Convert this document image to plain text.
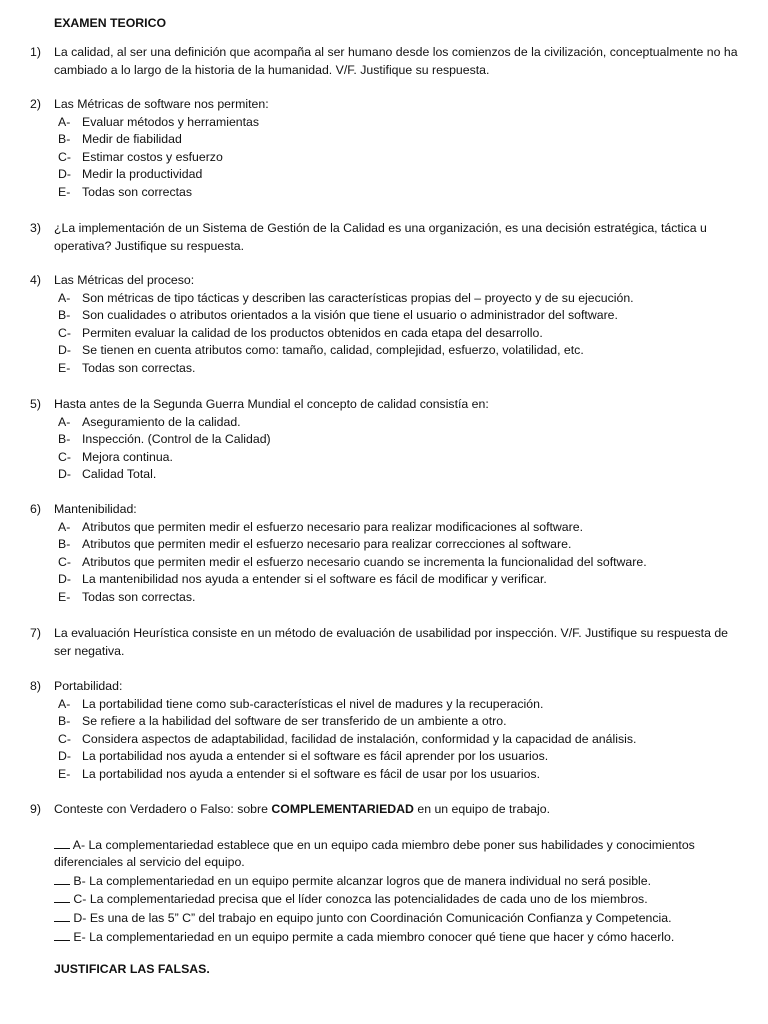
EXAMEN TEORICO
1)	La calidad, al ser una definición que acompaña al ser humano desde los comienzos de la civilización, conceptualmente no ha cambiado a lo largo de la historia de la humanidad. V/F. Justifique su respuesta.
2)	Las Métricas de software nos permiten:
A- Evaluar métodos y herramientas
B- Medir de fiabilidad
C- Estimar costos y esfuerzo
D- Medir la productividad
E- Todas son correctas
3)	¿La implementación de un Sistema de Gestión de la Calidad es una organización, es una decisión estratégica, táctica u operativa? Justifique su respuesta.
4)	Las Métricas del proceso:
A- Son métricas de tipo tácticas y describen las características propias del – proyecto y de su ejecución.
B- Son cualidades o atributos orientados a la visión que tiene el usuario o administrador del software.
C- Permiten evaluar la calidad de los productos obtenidos en cada etapa del desarrollo.
D- Se tienen en cuenta atributos como: tamaño, calidad, complejidad, esfuerzo, volatilidad, etc.
E- Todas son correctas.
5)	Hasta antes de la Segunda Guerra Mundial el concepto de calidad consistía en:
A- Aseguramiento de la calidad.
B- Inspección. (Control de la Calidad)
C- Mejora continua.
D- Calidad Total.
6)	Mantenibilidad:
A- Atributos que permiten medir el esfuerzo necesario para realizar modificaciones al software.
B- Atributos que permiten medir el esfuerzo necesario para realizar correcciones al software.
C- Atributos que permiten medir el esfuerzo necesario cuando se incrementa la funcionalidad del software.
D- La mantenibilidad nos ayuda a entender si el software es fácil de modificar y verificar.
E- Todas son correctas.
7)	La evaluación Heurística consiste en un método de evaluación de usabilidad por inspección. V/F. Justifique su respuesta de ser negativa.
8)	Portabilidad:
A- La portabilidad tiene como sub-características el nivel de madures y la recuperación.
B- Se refiere a la habilidad del software de ser transferido de un ambiente a otro.
C- Considera aspectos de adaptabilidad, facilidad de instalación, conformidad y la capacidad de análisis.
D- La portabilidad nos ayuda a entender si el software es fácil aprender por los usuarios.
E- La portabilidad nos ayuda a entender si el software es fácil de usar por los usuarios.
9)	Conteste con Verdadero o Falso: sobre COMPLEMENTARIEDAD en un equipo de trabajo.
A- La complementariedad establece que en un equipo cada miembro debe poner sus habilidades y conocimientos diferenciales al servicio del equipo.
B- La complementariedad en un equipo permite alcanzar logros que de manera individual no será posible.
C- La complementariedad precisa que el líder conozca las potencialidades de cada uno de los miembros.
D- Es una de las 5” C” del trabajo en equipo junto con Coordinación Comunicación Confianza y Competencia.
E- La complementariedad en un equipo permite a cada miembro conocer qué tiene que hacer y cómo hacerlo.
JUSTIFICAR LAS FALSAS.
